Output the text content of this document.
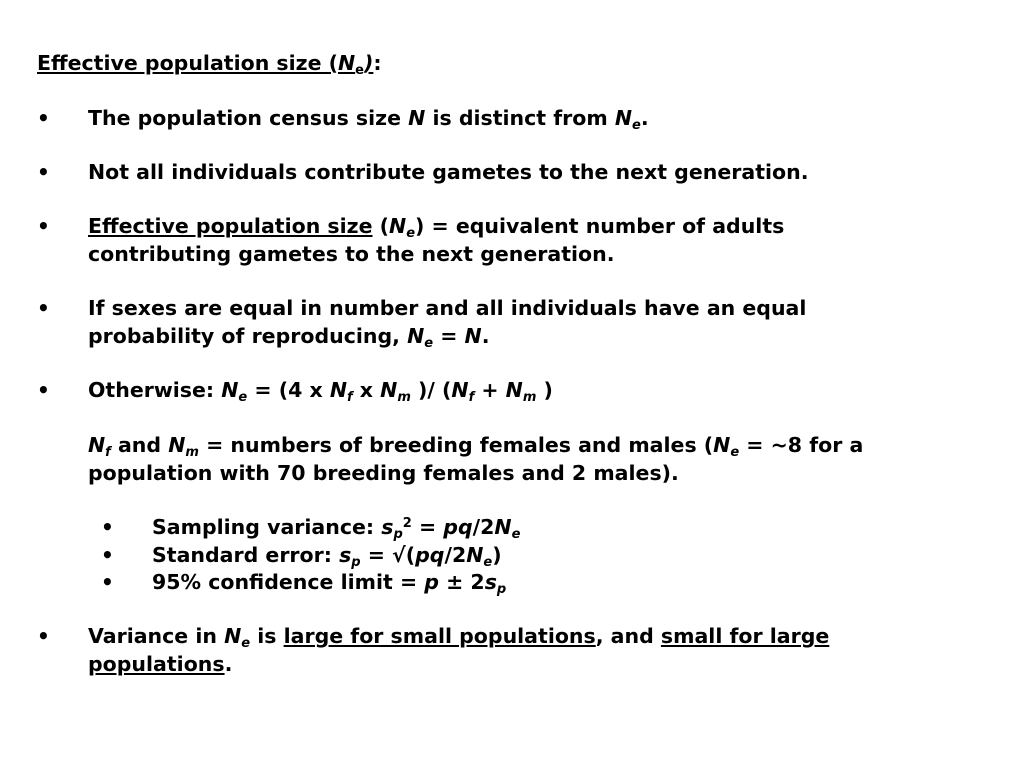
Effective population size $(N_e)$:
• The population census size N is distinct from $N_e$.
• Not all individuals contribute gametes to the next generation.
• Effective population size $(N_e)$ = equivalent number of adults
contributing gametes to the next generation.
• If sexes are equal in number and all individuals have an equal
probability of reproducing, $N_e = N$.
• Otherwise: $N_e = (4$ x $N_f$ x $N_m$ )/ ($N_f + N_m$ )
$N_f$ and $N_m$ = numbers of breeding females and males ($N_e$ = ~8 for a
population with 70 breeding females and 2 males).
• Sampling variance: $s_p^2 = pq/2N_e$
• Standard error: $s_p = √(pq/2N_e)$
• 95% confidence limit = $p \pm 2s_p$
• Variance in $N_e$ is large for small populations, and small for large
populations.
